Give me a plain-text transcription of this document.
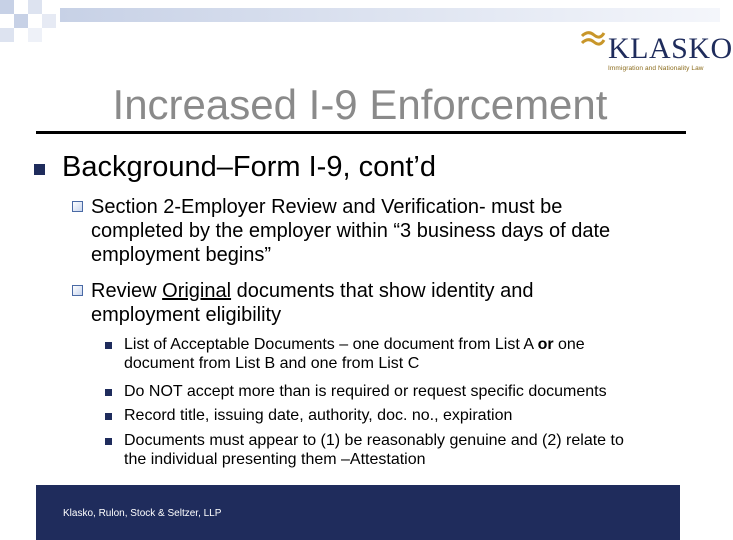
KLASKO
Immigration and Nationality Law
Increased I-9 Enforcement
Background–Form I-9, cont’d
Section 2-Employer Review and Verification- must be
completed by the employer within “3 business days of date
employment begins”
Review Original documents that show identity and
employment eligibility
List of Acceptable Documents – one document from List A or one
document from List B and one from List C
Do NOT accept more than is required or request specific documents
Record title, issuing date, authority, doc. no., expiration
Documents must appear to (1) be reasonably genuine and (2) relate to
the individual presenting them –Attestation
Klasko, Rulon, Stock & Seltzer, LLP
